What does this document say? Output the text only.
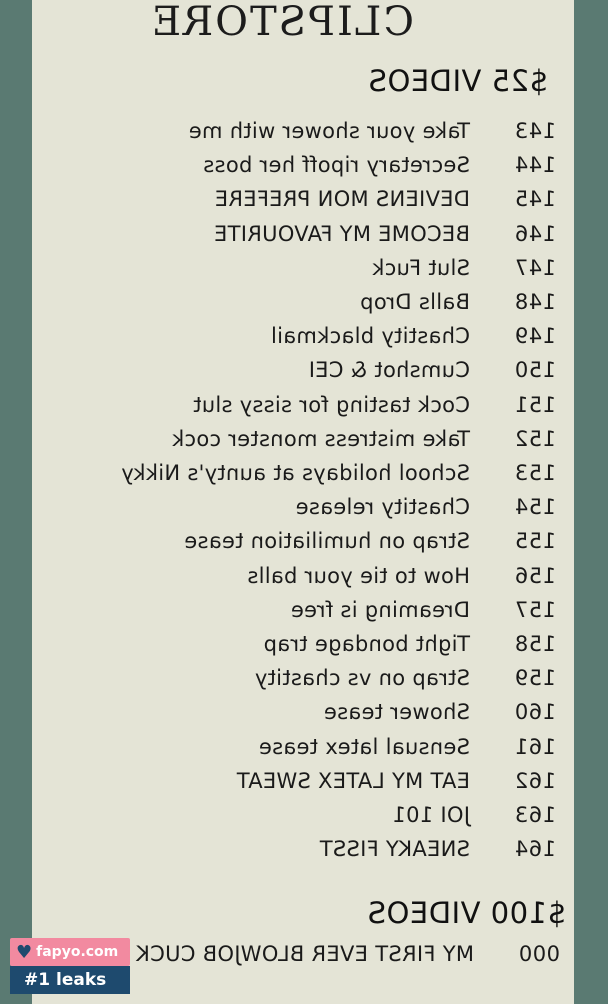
CLIPSTORE
$25 VIDEOS
143
Take your shower with me
144
Secretary ripoff her boss
145
DEVIENS MON PREFERE
146
BECOME MY FAVOURITE
147
Slut Fuck
148
Balls Drop
149
Chastity blackmail
150
Cumshot & CEI
151
Cock tasting for sissy slut
152
Take mistress monster cock
153
School holidays at aunty's Nikky
154
Chastity release
155
Strap on humiliation tease
156
How to tie your balls
157
Dreaming is free
158
Tight bondage trap
159
Strap on vs chastity
160
Shower tease
161
Sensual latex tease
162
EAT MY LATEX SWEAT
163
JOI 101
164
SNEAKY FISST
$100 VIDEOS
000
MY FIRST EVER BLOWJOB CUCK
♥ fapyo.com
#1 leaks
